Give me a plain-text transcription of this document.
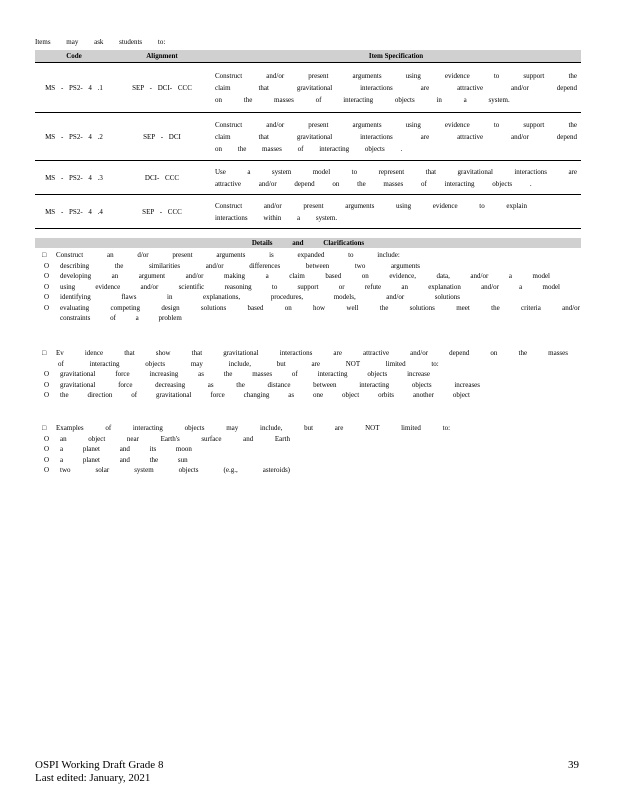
Items may ask students to:
Code	Alignment	Item Specification
MS - PS2- 4 .1	SEP - DCI- CCC	Construct and/or present arguments using evidence to support the
claim that gravitational interactions are attractive and/or depend
on the masses of interacting objects in a system.

MS - PS2- 4 .2	SEP - DCI	Construct and/or present arguments using evidence to support the
claim that gravitational interactions are attractive and/or depend
on the masses of interacting objects .

MS - PS2- 4 .3	DCI- CCC	Use a system model to represent that gravitational interactions are
attractive and/or depend on the masses of interacting objects .

MS - PS2- 4 .4	SEP - CCC	Construct and/or present arguments using evidence to explain
interactions within a system.
Details and Clarifications
□	Construct an d/or present arguments is expanded to include:
O describing the similarities and/or differences between two arguments
O developing an argument and/or making a claim based on evidence, data, and/or a model
O using evidence and/or scientific reasoning to support or refute an explanation and/or a model
O identifying flaws in explanations, procedures, models, and/or solutions
O evaluating competing design solutions based on how well the solutions meet the criteria and/or
constraints of a problem
□	Ev idence that show that gravitational interactions are attractive and/or depend on the masses
of interacting objects may include, but are NOT limited to:
O gravitational force increasing as the masses of interacting objects increase
O gravitational force decreasing as the distance between interacting objects increases
O the direction of gravitational force changing as one object orbits another object
□	Examples of interacting objects may include, but are NOT limited to:
O an object near Earth's surface and Earth
O a planet and its moon
O a planet and the sun
O two solar system objects (e.g., asteroids)
OSPI Working Draft Grade 8
Last edited: January, 2021
39
